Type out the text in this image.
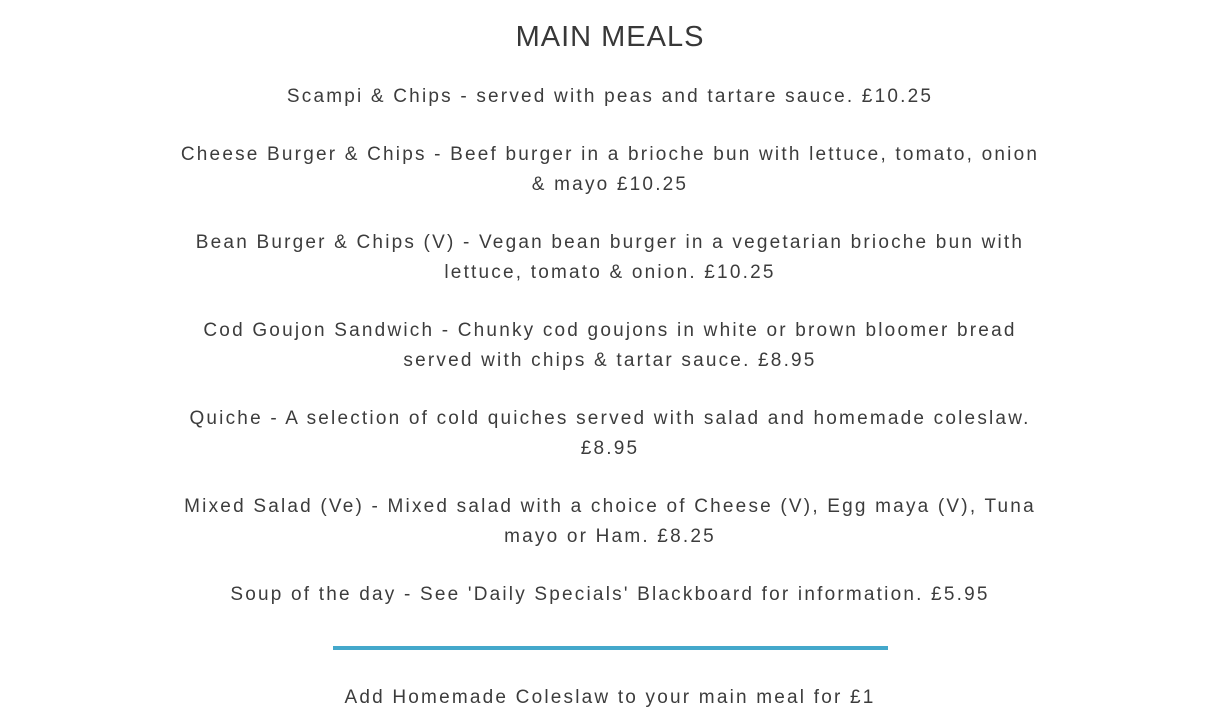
MAIN MEALS

Scampi & Chips - served with peas and tartare sauce. £10.25

Cheese Burger & Chips - Beef burger in a brioche bun with lettuce, tomato, onion
& mayo £10.25

Bean Burger & Chips (V) - Vegan bean burger in a vegetarian brioche bun with
lettuce, tomato & onion. £10.25

Cod Goujon Sandwich - Chunky cod goujons in white or brown bloomer bread
served with chips & tartar sauce. £8.95

Quiche - A selection of cold quiches served with salad and homemade coleslaw.
£8.95

Mixed Salad (Ve) - Mixed salad with a choice of Cheese (V), Egg maya (V), Tuna
mayo or Ham. £8.25

Soup of the day - See 'Daily Specials' Blackboard for information. £5.95

Add Homemade Coleslaw to your main meal for £1
